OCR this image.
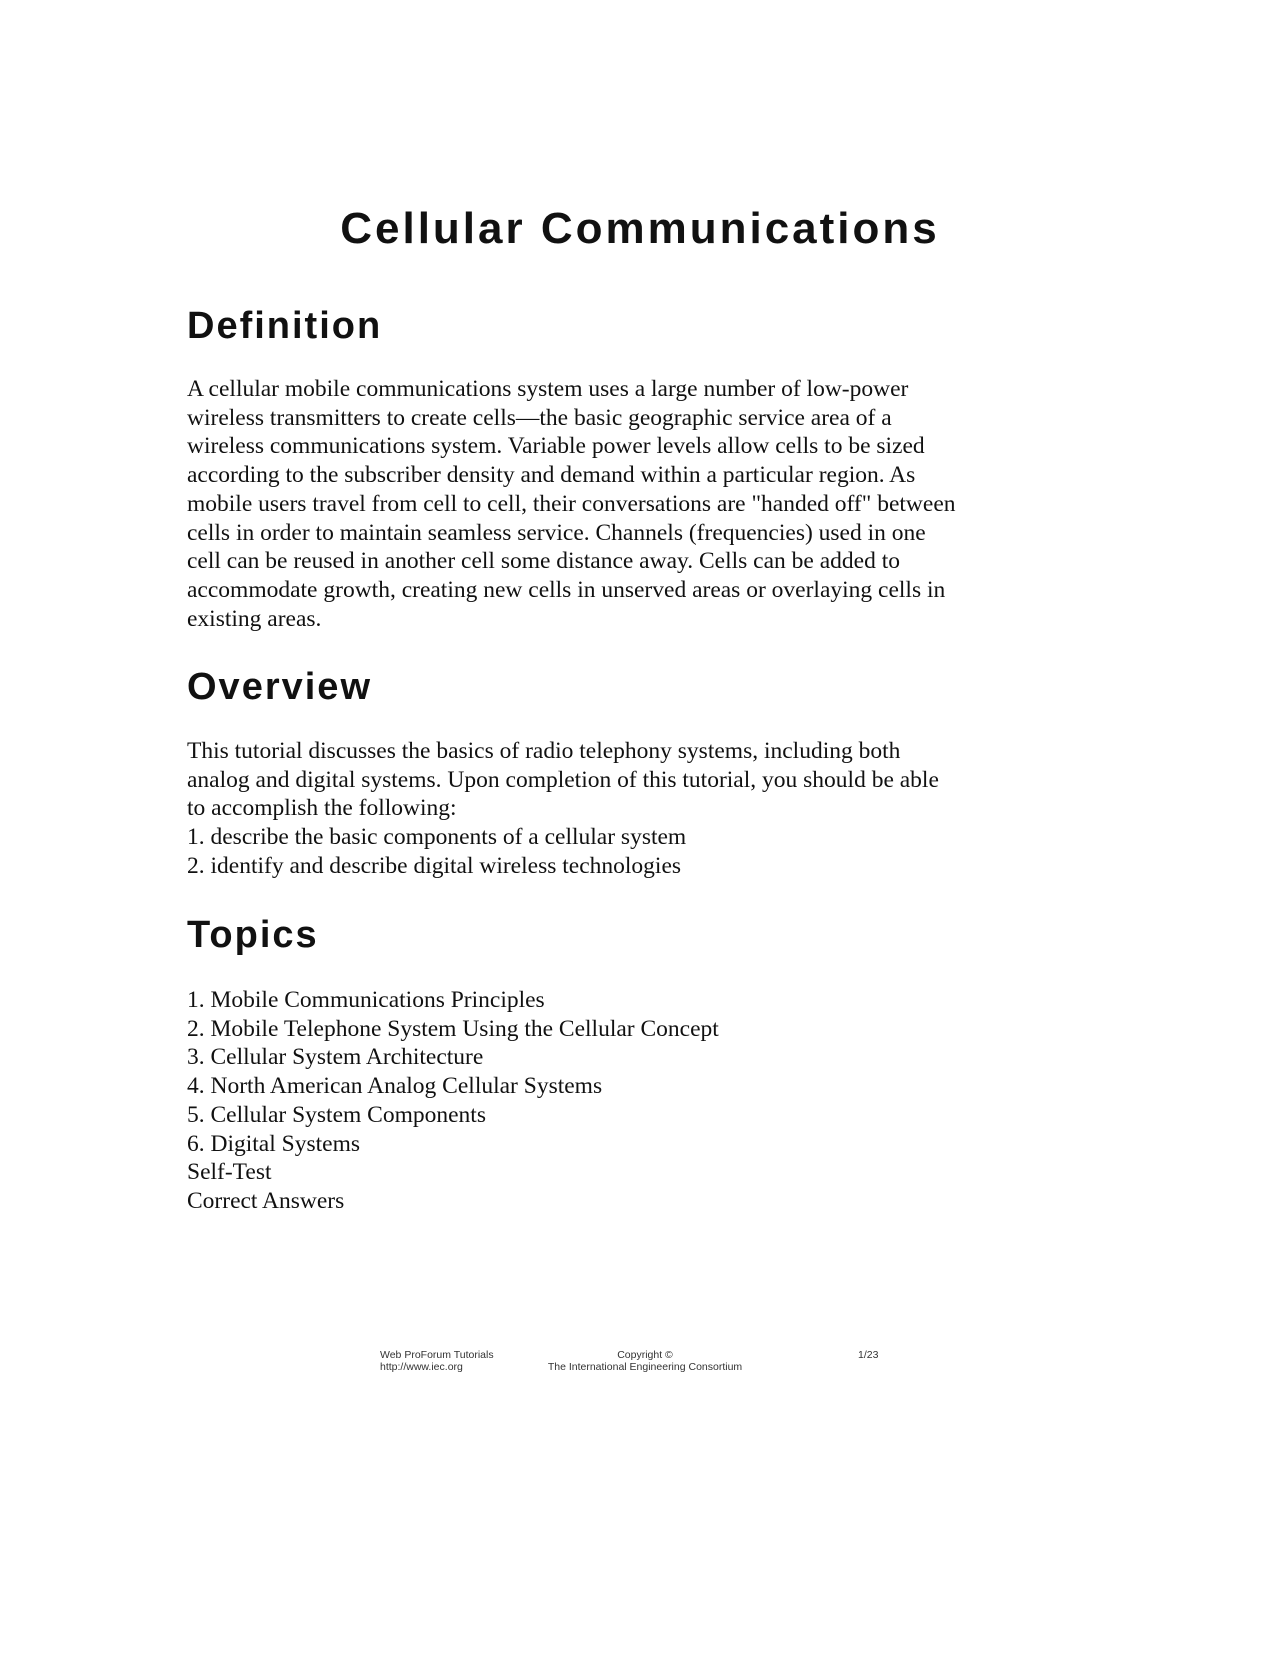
Cellular Communications
Definition
A cellular mobile communications system uses a large number of low-power
wireless transmitters to create cells—the basic geographic service area of a
wireless communications system. Variable power levels allow cells to be sized
according to the subscriber density and demand within a particular region. As
mobile users travel from cell to cell, their conversations are "handed off" between
cells in order to maintain seamless service. Channels (frequencies) used in one
cell can be reused in another cell some distance away. Cells can be added to
accommodate growth, creating new cells in unserved areas or overlaying cells in
existing areas.
Overview
This tutorial discusses the basics of radio telephony systems, including both
analog and digital systems. Upon completion of this tutorial, you should be able
to accomplish the following:
1. describe the basic components of a cellular system
2. identify and describe digital wireless technologies
Topics
1. Mobile Communications Principles
2. Mobile Telephone System Using the Cellular Concept
3. Cellular System Architecture
4. North American Analog Cellular Systems
5. Cellular System Components
6. Digital Systems
Self-Test
Correct Answers
Web ProForum Tutorials
http://www.iec.org
Copyright ©
The International Engineering Consortium
1/23
